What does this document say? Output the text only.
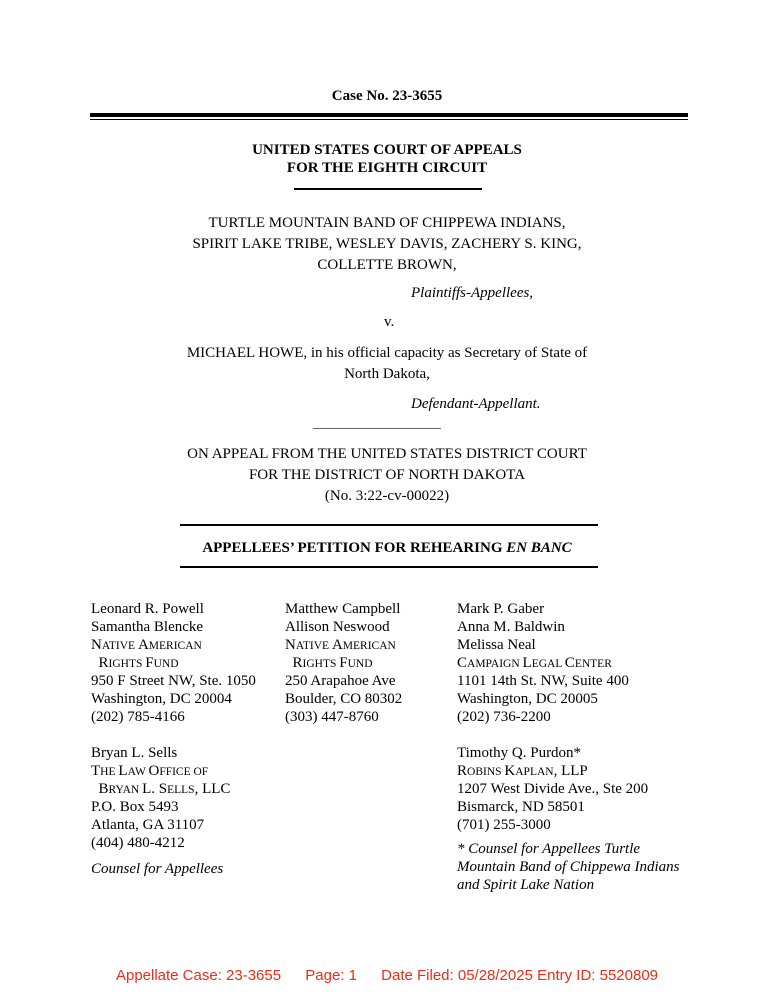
Case No. 23-3655
UNITED STATES COURT OF APPEALS
FOR THE EIGHTH CIRCUIT
TURTLE MOUNTAIN BAND OF CHIPPEWA INDIANS,
SPIRIT LAKE TRIBE, WESLEY DAVIS, ZACHERY S. KING,
COLLETTE BROWN,
Plaintiffs-Appellees,
v.
MICHAEL HOWE, in his official capacity as Secretary of State of
North Dakota,
Defendant-Appellant.
ON APPEAL FROM THE UNITED STATES DISTRICT COURT
FOR THE DISTRICT OF NORTH DAKOTA
(No. 3:22-cv-00022)
APPELLEES’ PETITION FOR REHEARING EN BANC
Leonard R. Powell
Samantha Blencke
NATIVE AMERICAN
RIGHTS FUND
950 F Street NW, Ste. 1050
Washington, DC 20004
(202) 785-4166
Bryan L. Sells
THE LAW OFFICE OF
BRYAN L. SELLS, LLC
P.O. Box 5493
Atlanta, GA 31107
(404) 480-4212
Counsel for Appellees
Matthew Campbell
Allison Neswood
NATIVE AMERICAN
RIGHTS FUND
250 Arapahoe Ave
Boulder, CO 80302
(303) 447-8760
Mark P. Gaber
Anna M. Baldwin
Melissa Neal
CAMPAIGN LEGAL CENTER
1101 14th St. NW, Suite 400
Washington, DC 20005
(202) 736-2200
Timothy Q. Purdon*
ROBINS KAPLAN, LLP
1207 West Divide Ave., Ste 200
Bismarck, ND 58501
(701) 255-3000
* Counsel for Appellees Turtle
Mountain Band of Chippewa Indians
and Spirit Lake Nation
Appellate Case: 23-3655 Page: 1 Date Filed: 05/28/2025 Entry ID: 5520809
